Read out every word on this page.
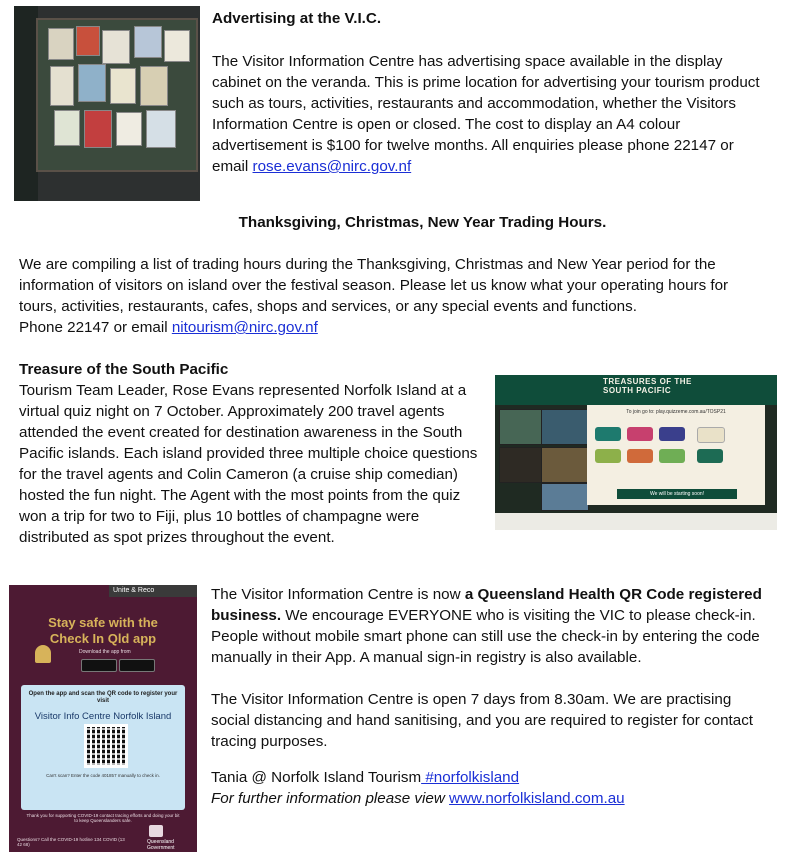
Advertising at the V.I.C.

The Visitor Information Centre has advertising space available in the display

cabinet on the veranda. This is prime location for advertising your tourism product

such as tours, activities, restaurants and accommodation, whether the Visitors

Information Centre is open or closed. The cost to display an A4 colour

advertisement is $100 for twelve months. All enquiries please phone 22147 or

email rose.evans@nirc.gov.nf

Thanksgiving, Christmas, New Year Trading Hours.

We are compiling a list of trading hours during the Thanksgiving, Christmas and New Year period for the

information of visitors on island over the festival season. Please let us know what your operating hours for

tours, activities, restaurants, cafes, shops and services, or any special events and functions.

Phone 22147 or email nitourism@nirc.gov.nf

Treasure of the South Pacific

Tourism Team Leader, Rose Evans represented Norfolk Island at a

virtual quiz night on 7 October. Approximately 200 travel agents

attended the event created for destination awareness in the South

Pacific islands. Each island provided three multiple choice questions

for the travel agents and Colin Cameron (a cruise ship comedian)

hosted the fun night. The Agent with the most points from the quiz

won a trip for two to Fiji, plus 10 bottles of champagne were

distributed as spot prizes throughout the event.

TREASURES OF THE SOUTH PACIFIC
To join go to: play.quizzeme.com.au/TOSP21
We will be starting soon!
Unite & Reco
Stay safe with the
Check In Qld app
Download the app from
Open the app and scan the QR code to register your visit
Visitor Info Centre Norfolk Island
Can't scan? Enter the code 401857 manually to check in.
Thank you for supporting COVID-19 contact tracing efforts and doing your bit to keep Queenslanders safe.
Questions? Call the COVID-19 hotline 134 COVID (13 42 68)	Queensland Government

The Visitor Information Centre is now a Queensland Health QR Code registered

business. We encourage EVERYONE who is visiting the VIC to please check-in.

People without mobile smart phone can still use the check-in by entering the code

manually in their App. A manual sign-in registry is also available.

The Visitor Information Centre is open 7 days from 8.30am. We are practising

social distancing and hand sanitising, and you are required to register for contact

tracing purposes.

Tania @ Norfolk Island Tourism #norfolkisland

For further information please view www.norfolkisland.com.au
